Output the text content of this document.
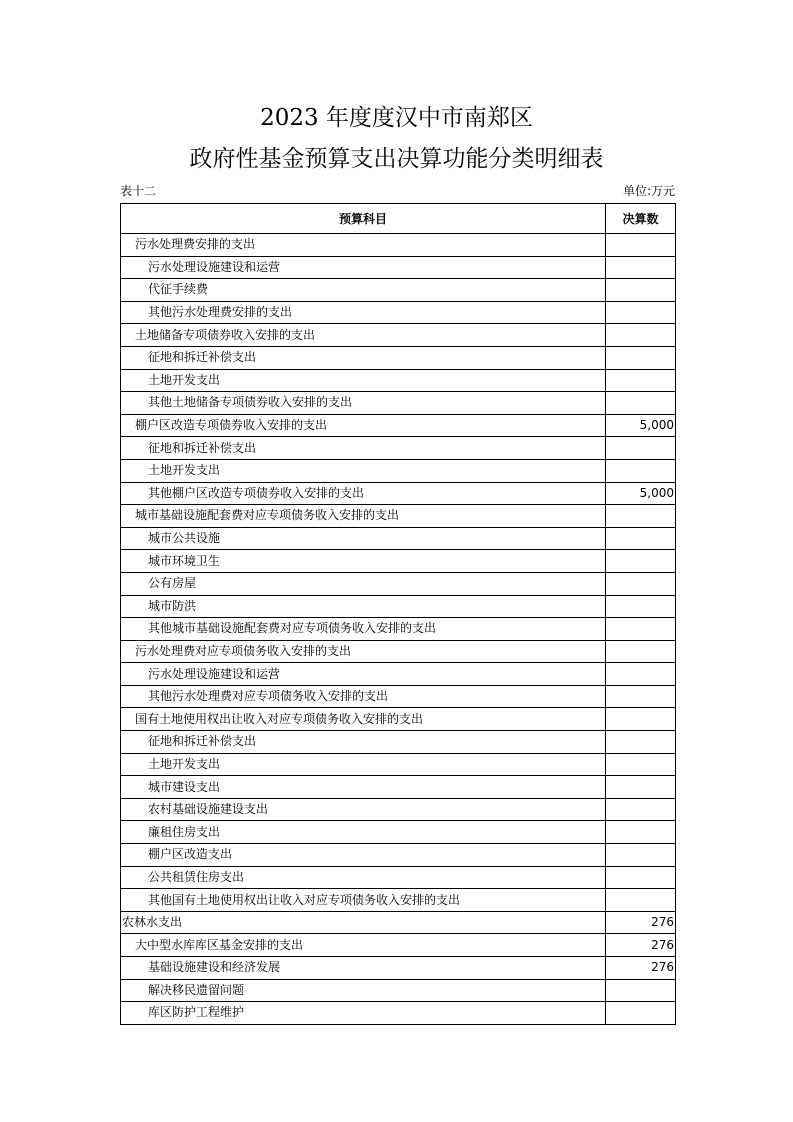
2023 年度度汉中市南郑区
政府性基金预算支出决算功能分类明细表
表十二	单位:万元
预算科目	决算数
污水处理费安排的支出	
污水处理设施建设和运营	
代征手续费	
其他污水处理费安排的支出	
土地储备专项债券收入安排的支出	
征地和拆迁补偿支出	
土地开发支出	
其他土地储备专项债券收入安排的支出	
棚户区改造专项债券收入安排的支出	5,000
征地和拆迁补偿支出	
土地开发支出	
其他棚户区改造专项债券收入安排的支出	5,000
城市基础设施配套费对应专项债务收入安排的支出	
城市公共设施	
城市环境卫生	
公有房屋	
城市防洪	
其他城市基础设施配套费对应专项债务收入安排的支出	
污水处理费对应专项债务收入安排的支出	
污水处理设施建设和运营	
其他污水处理费对应专项债务收入安排的支出	
国有土地使用权出让收入对应专项债务收入安排的支出	
征地和拆迁补偿支出	
土地开发支出	
城市建设支出	
农村基础设施建设支出	
廉租住房支出	
棚户区改造支出	
公共租赁住房支出	
其他国有土地使用权出让收入对应专项债务收入安排的支出	
农林水支出	276
大中型水库库区基金安排的支出	276
基础设施建设和经济发展	276
解决移民遗留问题	
库区防护工程维护	
